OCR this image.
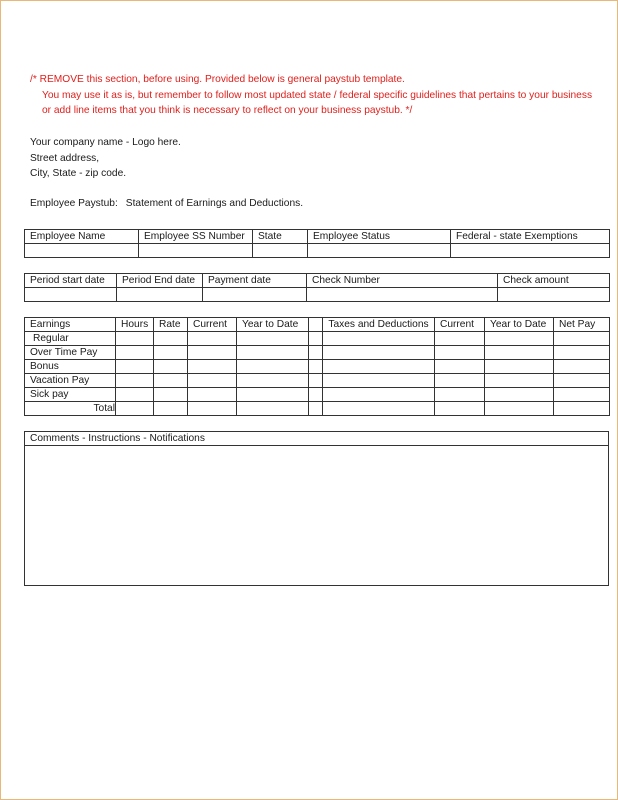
/* REMOVE this section, before using. Provided below is general paystub template.
You may use it as is, but remember to follow most updated state / federal specific guidelines that pertains to your business
or add line items that you think is necessary to reflect on your business paystub. */
Your company name - Logo here.
Street address,
City, State - zip code.
Employee Paystub: Statement of Earnings and Deductions.
Employee Name	Employee SS Number	State	Employee Status	Federal - state Exemptions

Period start date	Period End date	Payment date	Check Number	Check amount

Earnings	Hours	Rate	Current	Year to Date		Taxes and Deductions	Current	Year to Date	Net Pay
Regular									
Over Time Pay									
Bonus									
Vacation Pay									
Sick pay									
Total									
Comments - Instructions - Notifications
